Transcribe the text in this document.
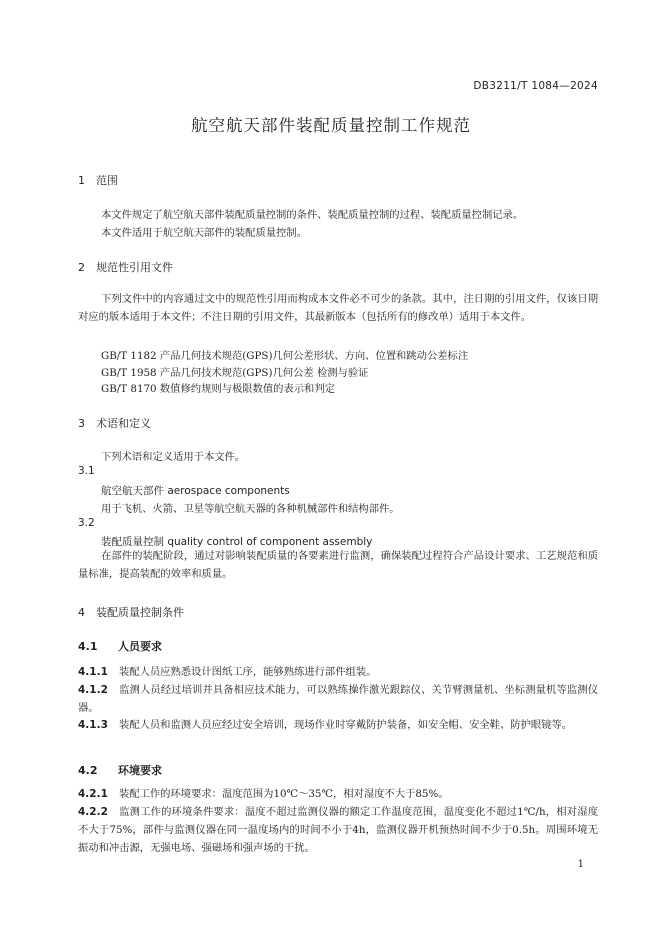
DB3211/T 1084—2024
航空航天部件装配质量控制工作规范
1 范围
本文件规定了航空航天部件装配质量控制的条件、装配质量控制的过程、装配质量控制记录。
本文件适用于航空航天部件的装配质量控制。
2 规范性引用文件
下列文件中的内容通过文中的规范性引用而构成本文件必不可少的条款。其中，注日期的引用文件，仅该日期对应的版本适用于本文件；不注日期的引用文件，其最新版本（包括所有的修改单）适用于本文件。
GB/T 1182 产品几何技术规范(GPS)几何公差形状、方向、位置和跳动公差标注
GB/T 1958 产品几何技术规范(GPS)几何公差 检测与验证
GB/T 8170 数值修约规则与极限数值的表示和判定
3 术语和定义
下列术语和定义适用于本文件。
3.1
航空航天部件 aerospace components
用于飞机、火箭、卫星等航空航天器的各种机械部件和结构部件。
3.2
装配质量控制 quality control of component assembly
在部件的装配阶段，通过对影响装配质量的各要素进行监测，确保装配过程符合产品设计要求、工艺规范和质量标准，提高装配的效率和质量。
4 装配质量控制条件
4.1 人员要求
4.1.1 装配人员应熟悉设计图纸工序，能够熟练进行部件组装。
4.1.2 监测人员经过培训并具备相应技术能力，可以熟练操作激光跟踪仪、关节臂测量机、坐标测量机等监测仪器。
4.1.3 装配人员和监测人员应经过安全培训，现场作业时穿戴防护装备，如安全帽、安全鞋、防护眼镜等。
4.2 环境要求
4.2.1 装配工作的环境要求：温度范围为10℃～35℃，相对湿度不大于85%。
4.2.2 监测工作的环境条件要求：温度不超过监测仪器的额定工作温度范围，温度变化不超过1℃/h，相对湿度不大于75%，部件与监测仪器在同一温度场内的时间不小于4h，监测仪器开机预热时间不少于0.5h。周围环境无振动和冲击源，无强电场、强磁场和强声场的干扰。
1
